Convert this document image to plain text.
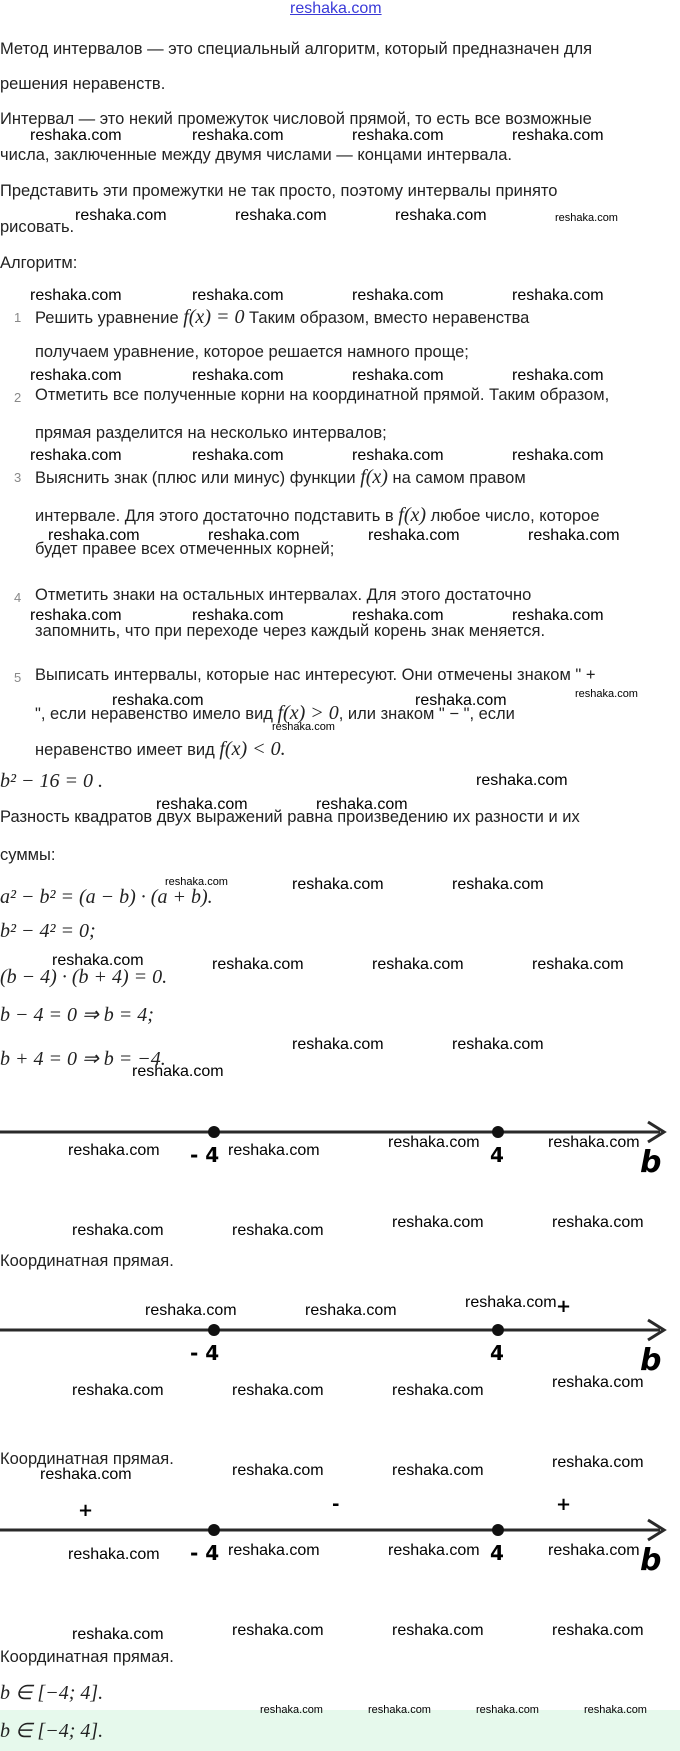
reshaka.com
Метод интервалов — это специальный алгоритм, который предназначен для
решения неравенств.
Интервал — это некий промежуток числовой прямой, то есть все возможные
числа, заключенные между двумя числами — концами интервала.
Представить эти промежутки не так просто, поэтому интервалы принято
рисовать.
Алгоритм:
1 Решить уравнение f(x) = 0 Таким образом, вместо неравенства
получаем уравнение, которое решается намного проще;
2 Отметить все полученные корни на координатной прямой. Таким образом,
прямая разделится на несколько интервалов;
3 Выяснить знак (плюс или минус) функции f(x) на самом правом
интервале. Для этого достаточно подставить в f(x) любое число, которое
будет правее всех отмеченных корней;
4 Отметить знаки на остальных интервалах. Для этого достаточно
запомнить, что при переходе через каждый корень знак меняется.
5 Выписать интервалы, которые нас интересуют. Они отмечены знаком " +
", если неравенство имело вид f(x) > 0, или знаком " − ", если
неравенство имеет вид f(x) < 0.
b² − 16 = 0 .
Разность квадратов двух выражений равна произведению их разности и их
суммы:
a² − b² = (a − b) · (a + b).
b² − 4² = 0;
(b − 4) · (b + 4) = 0.
b − 4 = 0 ⇒ b = 4;
b + 4 = 0 ⇒ b = −4.
- 4	4	b
Координатная прямая.
- 4	4
+
b
Координатная прямая.
- 4	4
+	-	+
b
Координатная прямая.
b ∈ [−4; 4].
b ∈ [−4; 4].
reshaka.com	reshaka.com	reshaka.com	reshaka.com
reshaka.com	reshaka.com	reshaka.com	reshaka.com
reshaka.com	reshaka.com	reshaka.com	reshaka.com
reshaka.com	reshaka.com	reshaka.com	reshaka.com
reshaka.com	reshaka.com	reshaka.com	reshaka.com
reshaka.com	reshaka.com	reshaka.com	reshaka.com
reshaka.com	reshaka.com	reshaka.com	reshaka.com
reshaka.com	reshaka.com	reshaka.com
reshaka.com
reshaka.com
reshaka.com	reshaka.com
reshaka.com	reshaka.com	reshaka.com
reshaka.com	reshaka.com	reshaka.com	reshaka.com
reshaka.com	reshaka.com
reshaka.com
reshaka.com	reshaka.com	reshaka.com	reshaka.com
reshaka.com	reshaka.com	reshaka.com	reshaka.com
reshaka.com	reshaka.com	reshaka.com
reshaka.com	reshaka.com	reshaka.com	reshaka.com
reshaka.com	reshaka.com	reshaka.com	reshaka.com
reshaka.com	reshaka.com	reshaka.com	reshaka.com
reshaka.com	reshaka.com	reshaka.com	reshaka.com
reshaka.com	reshaka.com	reshaka.com	reshaka.com
